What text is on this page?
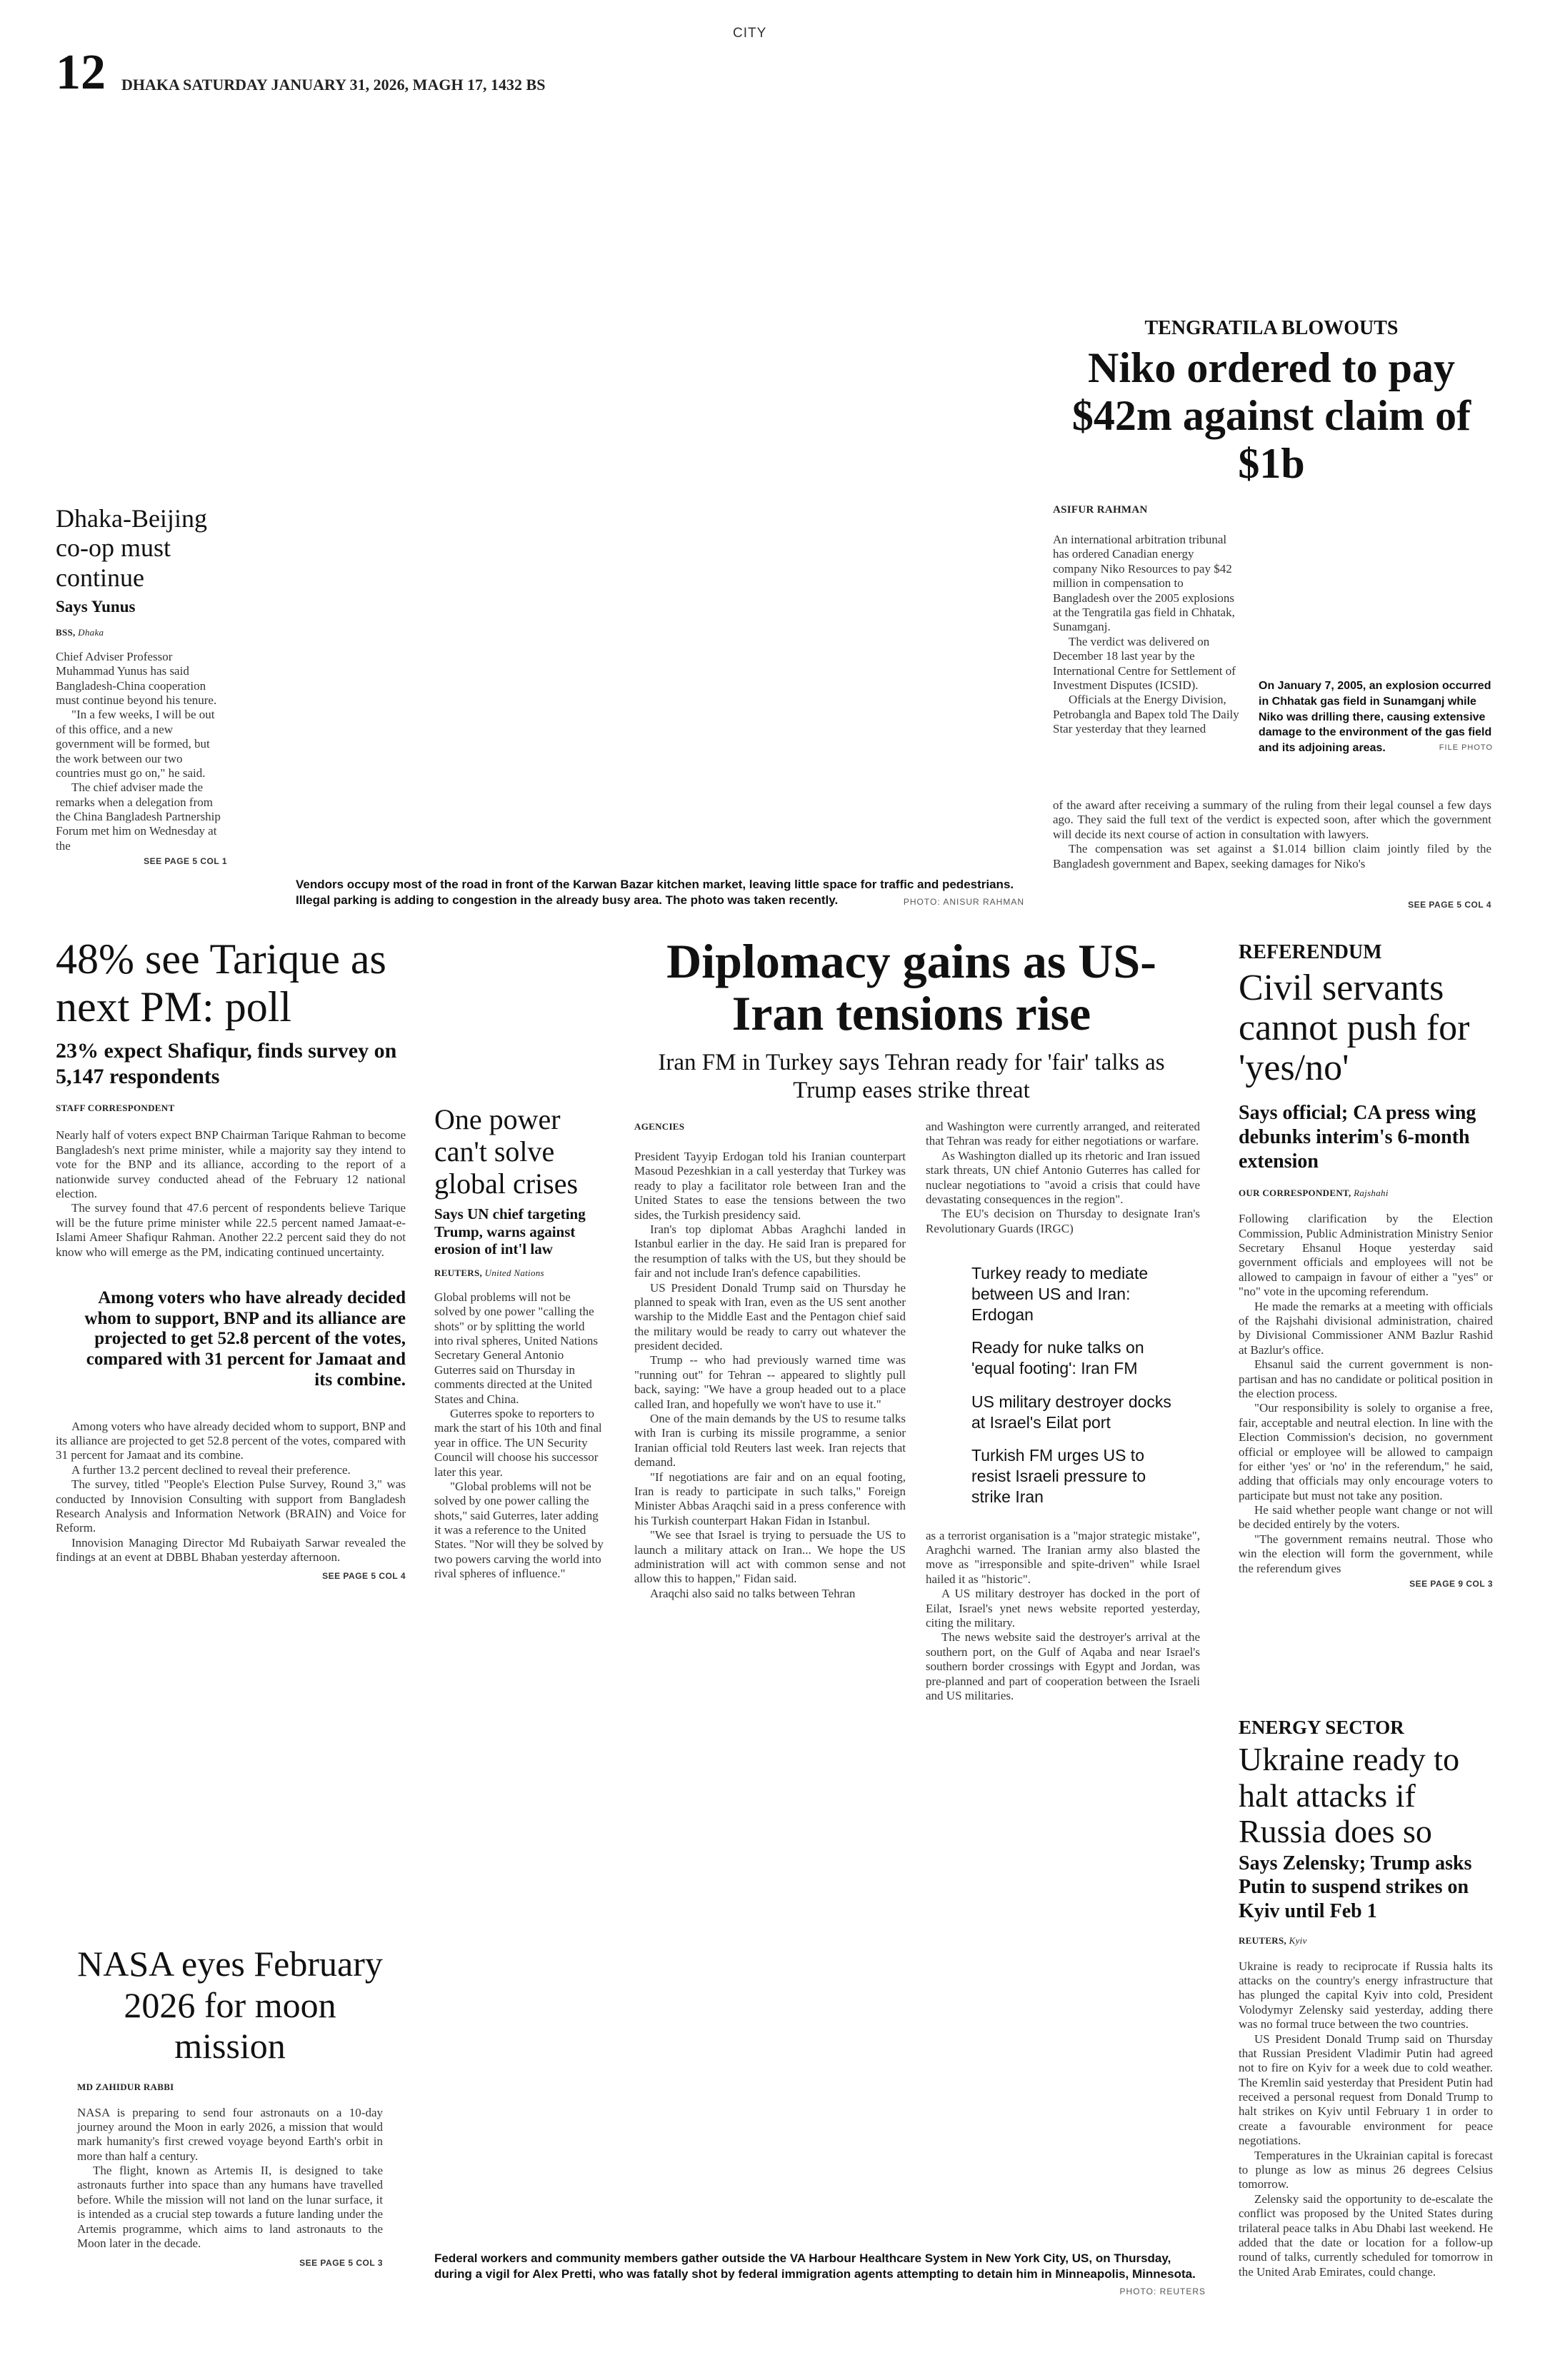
CITY
12 DHAKA SATURDAY JANUARY 31, 2026, MAGH 17, 1432 BS
Dhaka-Beijing co-op must continue
Says Yunus
BSS, Dhaka

Chief Adviser Professor Muhammad Yunus has said Bangladesh-China cooperation must continue beyond his tenure.

"In a few weeks, I will be out of this office, and a new government will be formed, but the work between our two countries must go on," he said.

The chief adviser made the remarks when a delegation from the China Bangladesh Partnership Forum met him on Wednesday at the

SEE PAGE 5 COL 1
Vendors occupy most of the road in front of the Karwan Bazar kitchen market, leaving little space for traffic and pedestrians. Illegal parking is adding to congestion in the already busy area. The photo was taken recently.	PHOTO: ANISUR RAHMAN
TENGRATILA BLOWOUTS
Niko ordered to pay $42m against claim of $1b
ASIFUR RAHMAN

An international arbitration tribunal has ordered Canadian energy company Niko Resources to pay $42 million in compensation to Bangladesh over the 2005 explosions at the Tengratila gas field in Chhatak, Sunamganj.

The verdict was delivered on December 18 last year by the International Centre for Settlement of Investment Disputes (ICSID).

Officials at the Energy Division, Petrobangla and Bapex told The Daily Star yesterday that they learned

On January 7, 2005, an explosion occurred in Chhatak gas field in Sunamganj while Niko was drilling there, causing extensive damage to the environment of the gas field and its adjoining areas.	FILE PHOTO

of the award after receiving a summary of the ruling from their legal counsel a few days ago. They said the full text of the verdict is expected soon, after which the government will decide its next course of action in consultation with lawyers.

The compensation was set against a $1.014 billion claim jointly filed by the Bangladesh government and Bapex, seeking damages for Niko's

SEE PAGE 5 COL 4
48% see Tarique as next PM: poll
23% expect Shafiqur, finds survey on 5,147 respondents
STAFF CORRESPONDENT

Nearly half of voters expect BNP Chairman Tarique Rahman to become Bangladesh's next prime minister, while a majority say they intend to vote for the BNP and its alliance, according to the report of a nationwide survey conducted ahead of the February 12 national election.

The survey found that 47.6 percent of respondents believe Tarique will be the future prime minister while 22.5 percent named Jamaat-e-Islami Ameer Shafiqur Rahman. Another 22.2 percent said they do not know who will emerge as the PM, indicating continued uncertainty.

Among voters who have already decided whom to support, BNP and its alliance are projected to get 52.8 percent of the votes, compared with 31 percent for Jamaat and its combine.

Among voters who have already decided whom to support, BNP and its alliance are projected to get 52.8 percent of the votes, compared with 31 percent for Jamaat and its combine.

A further 13.2 percent declined to reveal their preference.

The survey, titled "People's Election Pulse Survey, Round 3," was conducted by Innovision Consulting with support from Bangladesh Research Analysis and Information Network (BRAIN) and Voice for Reform.

Innovision Managing Director Md Rubaiyath Sarwar revealed the findings at an event at DBBL Bhaban yesterday afternoon.

SEE PAGE 5 COL 4
One power can't solve global crises
Says UN chief targeting Trump, warns against erosion of int'l law
REUTERS, United Nations

Global problems will not be solved by one power "calling the shots" or by splitting the world into rival spheres, United Nations Secretary General Antonio Guterres said on Thursday in comments directed at the United States and China.

Guterres spoke to reporters to mark the start of his 10th and final year in office. The UN Security Council will choose his successor later this year.

"Global problems will not be solved by one power calling the shots," said Guterres, later adding it was a reference to the United States. "Nor will they be solved by two powers carving the world into rival spheres of influence."

Diplomacy gains as US-Iran tensions rise
Iran FM in Turkey says Tehran ready for 'fair' talks as Trump eases strike threat
AGENCIES

President Tayyip Erdogan told his Iranian counterpart Masoud Pezeshkian in a call yesterday that Turkey was ready to play a facilitator role between Iran and the United States to ease the tensions between the two sides, the Turkish presidency said.

Iran's top diplomat Abbas Araghchi landed in Istanbul earlier in the day. He said Iran is prepared for the resumption of talks with the US, but they should be fair and not include Iran's defence capabilities.

US President Donald Trump said on Thursday he planned to speak with Iran, even as the US sent another warship to the Middle East and the Pentagon chief said the military would be ready to carry out whatever the president decided.

Trump -- who had previously warned time was "running out" for Tehran -- appeared to slightly pull back, saying: "We have a group headed out to a place called Iran, and hopefully we won't have to use it."

One of the main demands by the US to resume talks with Iran is curbing its missile programme, a senior Iranian official told Reuters last week. Iran rejects that demand.

"If negotiations are fair and on an equal footing, Iran is ready to participate in such talks," Foreign Minister Abbas Araqchi said in a press conference with his Turkish counterpart Hakan Fidan in Istanbul.

"We see that Israel is trying to persuade the US to launch a military attack on Iran... We hope the US administration will act with common sense and not allow this to happen," Fidan said.

Araqchi also said no talks between Tehran

and Washington were currently arranged, and reiterated that Tehran was ready for either negotiations or warfare.

As Washington dialled up its rhetoric and Iran issued stark threats, UN chief Antonio Guterres has called for nuclear negotiations to "avoid a crisis that could have devastating consequences in the region".

The EU's decision on Thursday to designate Iran's Revolutionary Guards (IRGC)

Turkey ready to mediate between US and Iran: Erdogan
Ready for nuke talks on 'equal footing': Iran FM
US military destroyer docks at Israel's Eilat port
Turkish FM urges US to resist Israeli pressure to strike Iran

as a terrorist organisation is a "major strategic mistake", Araghchi warned. The Iranian army also blasted the move as "irresponsible and spite-driven" while Israel hailed it as "historic".

A US military destroyer has docked in the port of Eilat, Israel's ynet news website reported yesterday, citing the military.

The news website said the destroyer's arrival at the southern port, on the Gulf of Aqaba and near Israel's southern border crossings with Egypt and Jordan, was pre-planned and part of cooperation between the Israeli and US militaries.

REFERENDUM
Civil servants cannot push for 'yes/no'
Says official; CA press wing debunks interim's 6-month extension
OUR CORRESPONDENT, Rajshahi

Following clarification by the Election Commission, Public Administration Ministry Senior Secretary Ehsanul Hoque yesterday said government officials and employees will not be allowed to campaign in favour of either a "yes" or "no" vote in the upcoming referendum.

He made the remarks at a meeting with officials of the Rajshahi divisional administration, chaired by Divisional Commissioner ANM Bazlur Rashid at Bazlur's office.

Ehsanul said the current government is non-partisan and has no candidate or political position in the election process.

"Our responsibility is solely to organise a free, fair, acceptable and neutral election. In line with the Election Commission's decision, no government official or employee will be allowed to campaign for either 'yes' or 'no' in the referendum," he said, adding that officials may only encourage voters to participate but must not take any position.

He said whether people want change or not will be decided entirely by the voters.

"The government remains neutral. Those who win the election will form the government, while the referendum gives

SEE PAGE 9 COL 3
ENERGY SECTOR
Ukraine ready to halt attacks if Russia does so
Says Zelensky; Trump asks Putin to suspend strikes on Kyiv until Feb 1
REUTERS, Kyiv

Ukraine is ready to reciprocate if Russia halts its attacks on the country's energy infrastructure that has plunged the capital Kyiv into cold, President Volodymyr Zelensky said yesterday, adding there was no formal truce between the two countries.

US President Donald Trump said on Thursday that Russian President Vladimir Putin had agreed not to fire on Kyiv for a week due to cold weather. The Kremlin said yesterday that President Putin had received a personal request from Donald Trump to halt strikes on Kyiv until February 1 in order to create a favourable environment for peace negotiations.

Temperatures in the Ukrainian capital is forecast to plunge as low as minus 26 degrees Celsius tomorrow.

Zelensky said the opportunity to de-escalate the conflict was proposed by the United States during trilateral peace talks in Abu Dhabi last weekend. He added that the date or location for a follow-up round of talks, currently scheduled for tomorrow in the United Arab Emirates, could change.

NASA eyes February 2026 for moon mission
MD ZAHIDUR RABBI

NASA is preparing to send four astronauts on a 10-day journey around the Moon in early 2026, a mission that would mark humanity's first crewed voyage beyond Earth's orbit in more than half a century.

The flight, known as Artemis II, is designed to take astronauts further into space than any humans have travelled before. While the mission will not land on the lunar surface, it is intended as a crucial step towards a future landing under the Artemis programme, which aims to land astronauts to the Moon later in the decade.

SEE PAGE 5 COL 3	Federal workers and community members gather outside the VA Harbour Healthcare System in New York City, US, on Thursday, during a vigil for Alex Pretti, who was fatally shot by federal immigration agents attempting to detain him in Minneapolis, Minnesota.
PHOTO: REUTERS
